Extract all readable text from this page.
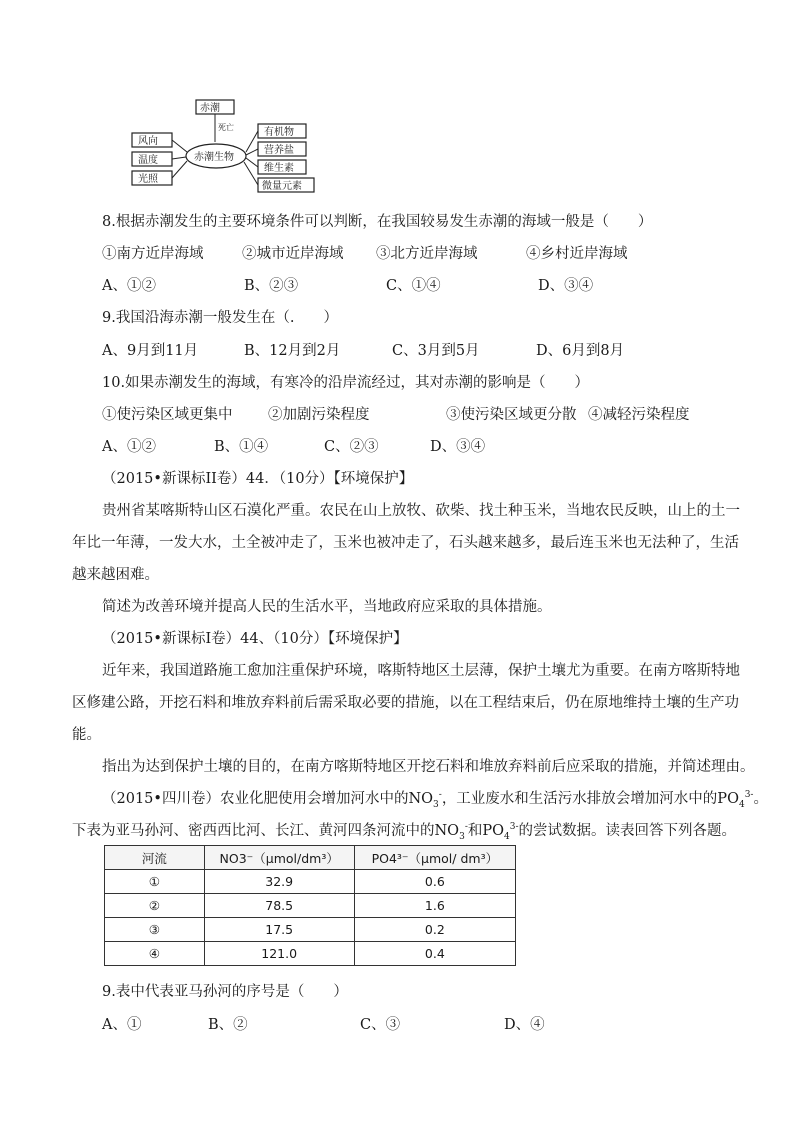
赤潮
死亡
赤潮生物
风向
温度
光照
有机物
营养盐
维生素
微量元素
8.根据赤潮发生的主要环境条件可以判断，在我国较易发生赤潮的海域一般是（　　）
①南方近岸海域	②城市近岸海域 ③北方近岸海域	④乡村近岸海域
A、①②	B、②③	C、①④	D、③④
9.我国沿海赤潮一般发生在（.　　）
A、9月到11月	B、12月到2月	C、3月到5月	D、6月到8月
10.如果赤潮发生的海域，有寒冷的沿岸流经过，其对赤潮的影响是（　　）
①使污染区域更集中 ②加剧污染程度	③使污染区域更分散 ④减轻污染程度
A、①②	B、①④	C、②③	D、③④
（2015•新课标II卷）44．（10分）【环境保护】
贵州省某喀斯特山区石漠化严重。农民在山上放牧、砍柴、找土种玉米，当地农民反映，山上的土一
年比一年薄，一发大水，土全被冲走了，玉米也被冲走了，石头越来越多，最后连玉米也无法种了，生活
越来越困难。
简述为改善环境并提高人民的生活水平，当地政府应采取的具体措施。
（2015•新课标I卷）44、（10分）【环境保护】
近年来，我国道路施工愈加注重保护环境，喀斯特地区土层薄，保护土壤尤为重要。在南方喀斯特地
区修建公路，开挖石料和堆放弃料前后需采取必要的措施，以在工程结束后，仍在原地维持土壤的生产功
能。
指出为达到保护土壤的目的，在南方喀斯特地区开挖石料和堆放弃料前后应采取的措施，并简述理由。
（2015•四川卷）农业化肥使用会增加河水中的$NO_3^-$，工业废水和生活污水排放会增加河水中的$PO_4^{3-}$。
下表为亚马孙河、密西西比河、长江、黄河四条河流中的$NO_3^-$和$PO_4^{3-}$的尝试数据。读表回答下列各题。
河流	NO3⁻（μmol/dm³）	PO4³⁻（μmol/ dm³）
①	32.9	0.6
②	78.5	1.6
③	17.5	0.2
④	121.0	0.4
9.表中代表亚马孙河的序号是（　　）
A、①	B、②	C、③	D、④
